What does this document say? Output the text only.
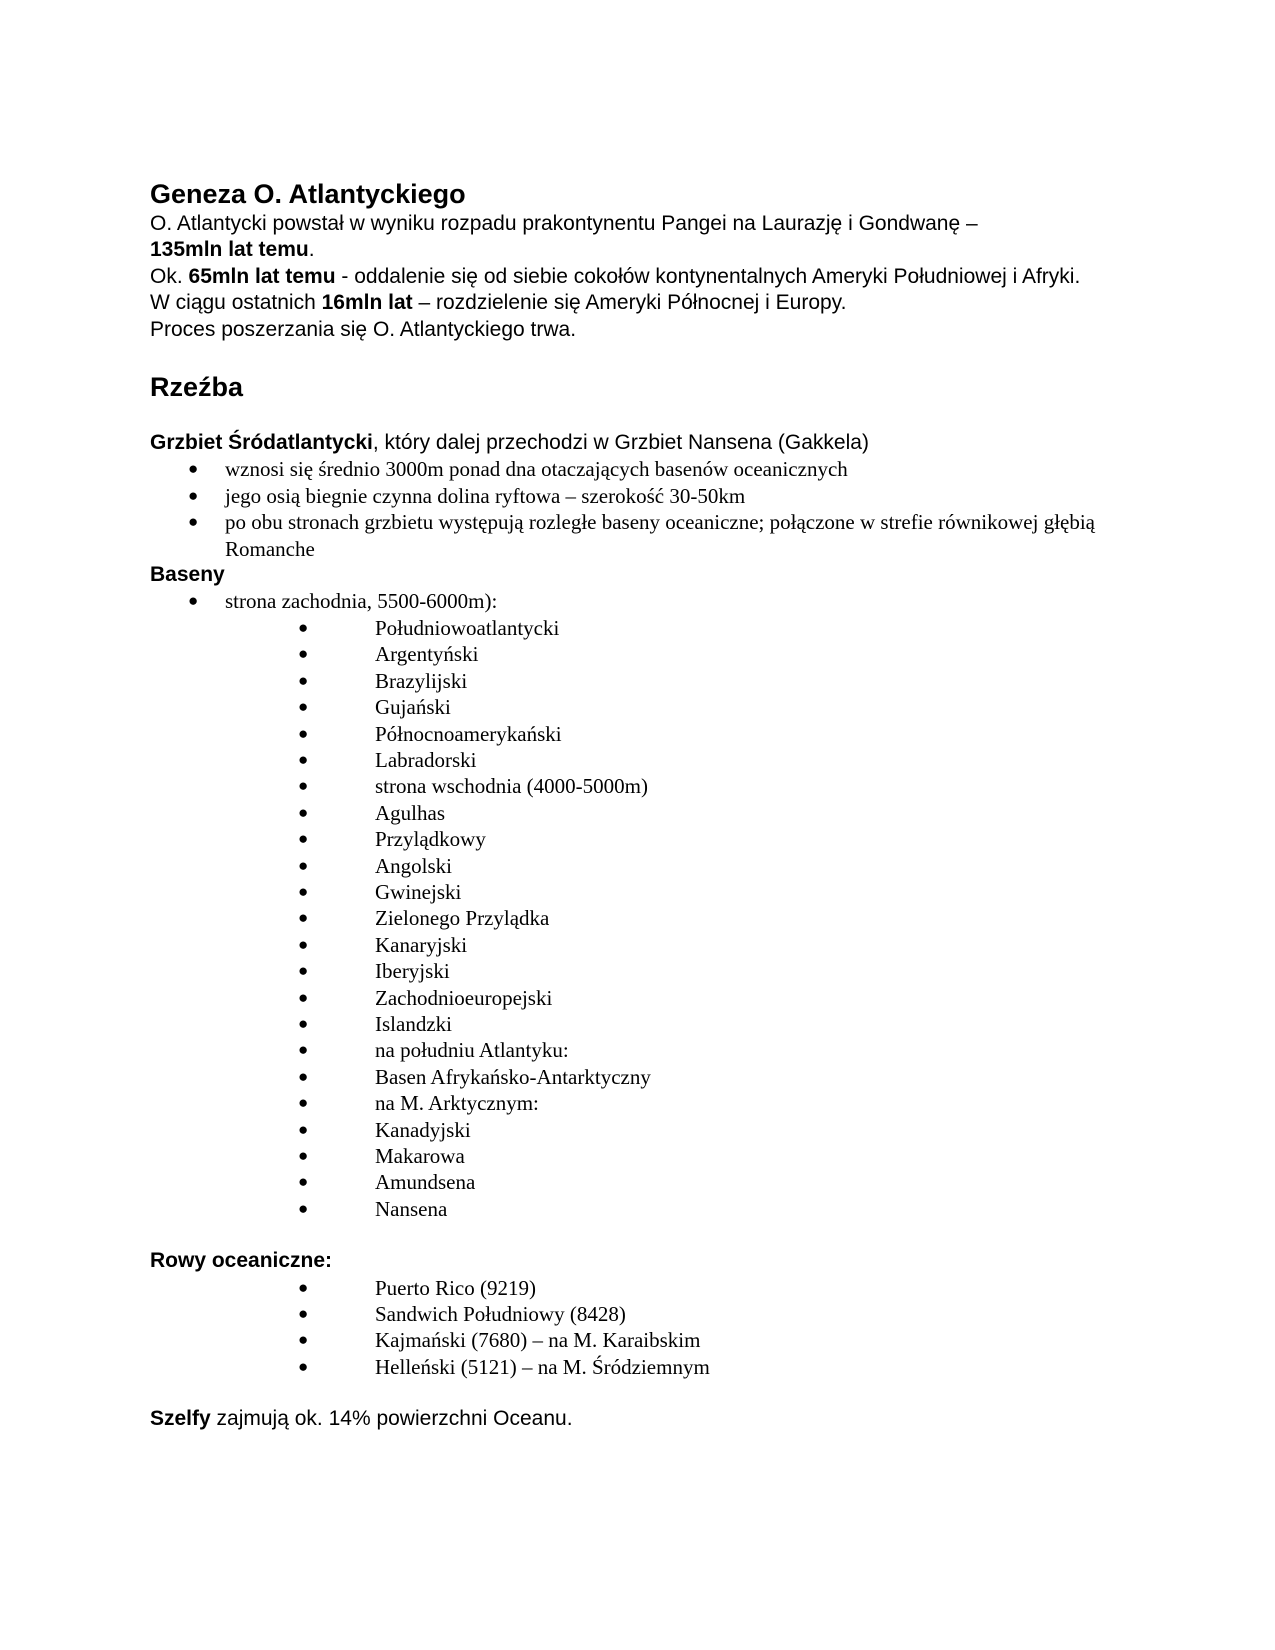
Geneza O. Atlantyckiego

O. Atlantycki powstał w wyniku rozpadu prakontynentu Pangei na Laurazję i Gondwanę –
135mln lat temu.

Ok. 65mln lat temu - oddalenie się od siebie cokołów kontynentalnych Ameryki Południowej i Afryki.

W ciągu ostatnich 16mln lat – rozdzielenie się Ameryki Północnej i Europy.

Proces poszerzania się O. Atlantyckiego trwa.

Rzeźba

Grzbiet Śródatlantycki, który dalej przechodzi w Grzbiet Nansena (Gakkela)

● wznosi się średnio 3000m ponad dna otaczających basenów oceanicznych
● jego osią biegnie czynna dolina ryftowa – szerokość 30-50km
● po obu stronach grzbietu występują rozległe baseny oceaniczne; połączone w strefie równikowej głębią Romanche

Baseny

● strona zachodnia, 5500-6000m):
● Południowoatlantycki
● Argentyński
● Brazylijski
● Gujański
● Północnoamerykański
● Labradorski
● strona wschodnia (4000-5000m)
● Agulhas
● Przylądkowy
● Angolski
● Gwinejski
● Zielonego Przylądka
● Kanaryjski
● Iberyjski
● Zachodnioeuropejski
● Islandzki
● na południu Atlantyku:
● Basen Afrykańsko-Antarktyczny
● na M. Arktycznym:
● Kanadyjski
● Makarowa
● Amundsena
● Nansena

Rowy oceaniczne:

● Puerto Rico (9219)
● Sandwich Południowy (8428)
● Kajmański (7680) – na M. Karaibskim
● Helleński (5121) – na M. Śródziemnym

Szelfy zajmują ok. 14% powierzchni Oceanu.
